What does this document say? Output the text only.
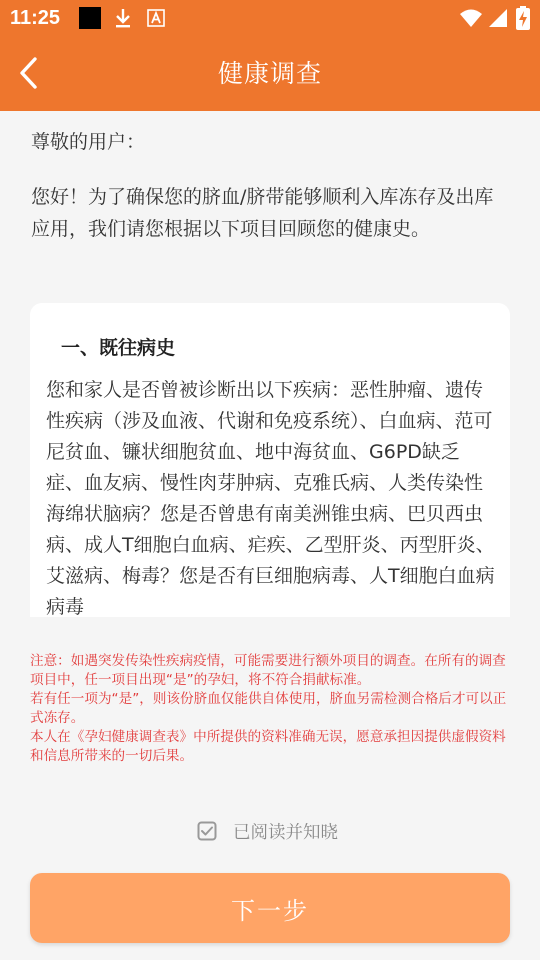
11:25
健康调查
尊敬的用户：

您好！为了确保您的脐血/脐带能够顺利入库冻存及出库应用，我们请您根据以下项目回顾您的健康史。

一、既往病史

您和家人是否曾被诊断出以下疾病：恶性肿瘤、遗传性疾病（涉及血液、代谢和免疫系统）、白血病、范可尼贫血、镰状细胞贫血、地中海贫血、G6PD缺乏症、血友病、慢性肉芽肿病、克雅氏病、人类传染性海绵状脑病？您是否曾患有南美洲锥虫病、巴贝西虫病、成人T细胞白血病、疟疾、乙型肝炎、丙型肝炎、艾滋病、梅毒？您是否有巨细胞病毒、人T细胞白血病病毒

注意：如遇突发传染性疾病疫情，可能需要进行额外项目的调查。在所有的调查项目中，任一项目出现“是”的孕妇，将不符合捐献标准。

若有任一项为“是”，则该份脐血仅能供自体使用，脐血另需检测合格后才可以正式冻存。

本人在《孕妇健康调查表》中所提供的资料准确无误，愿意承担因提供虚假资料和信息所带来的一切后果。

已阅读并知晓
下一步
